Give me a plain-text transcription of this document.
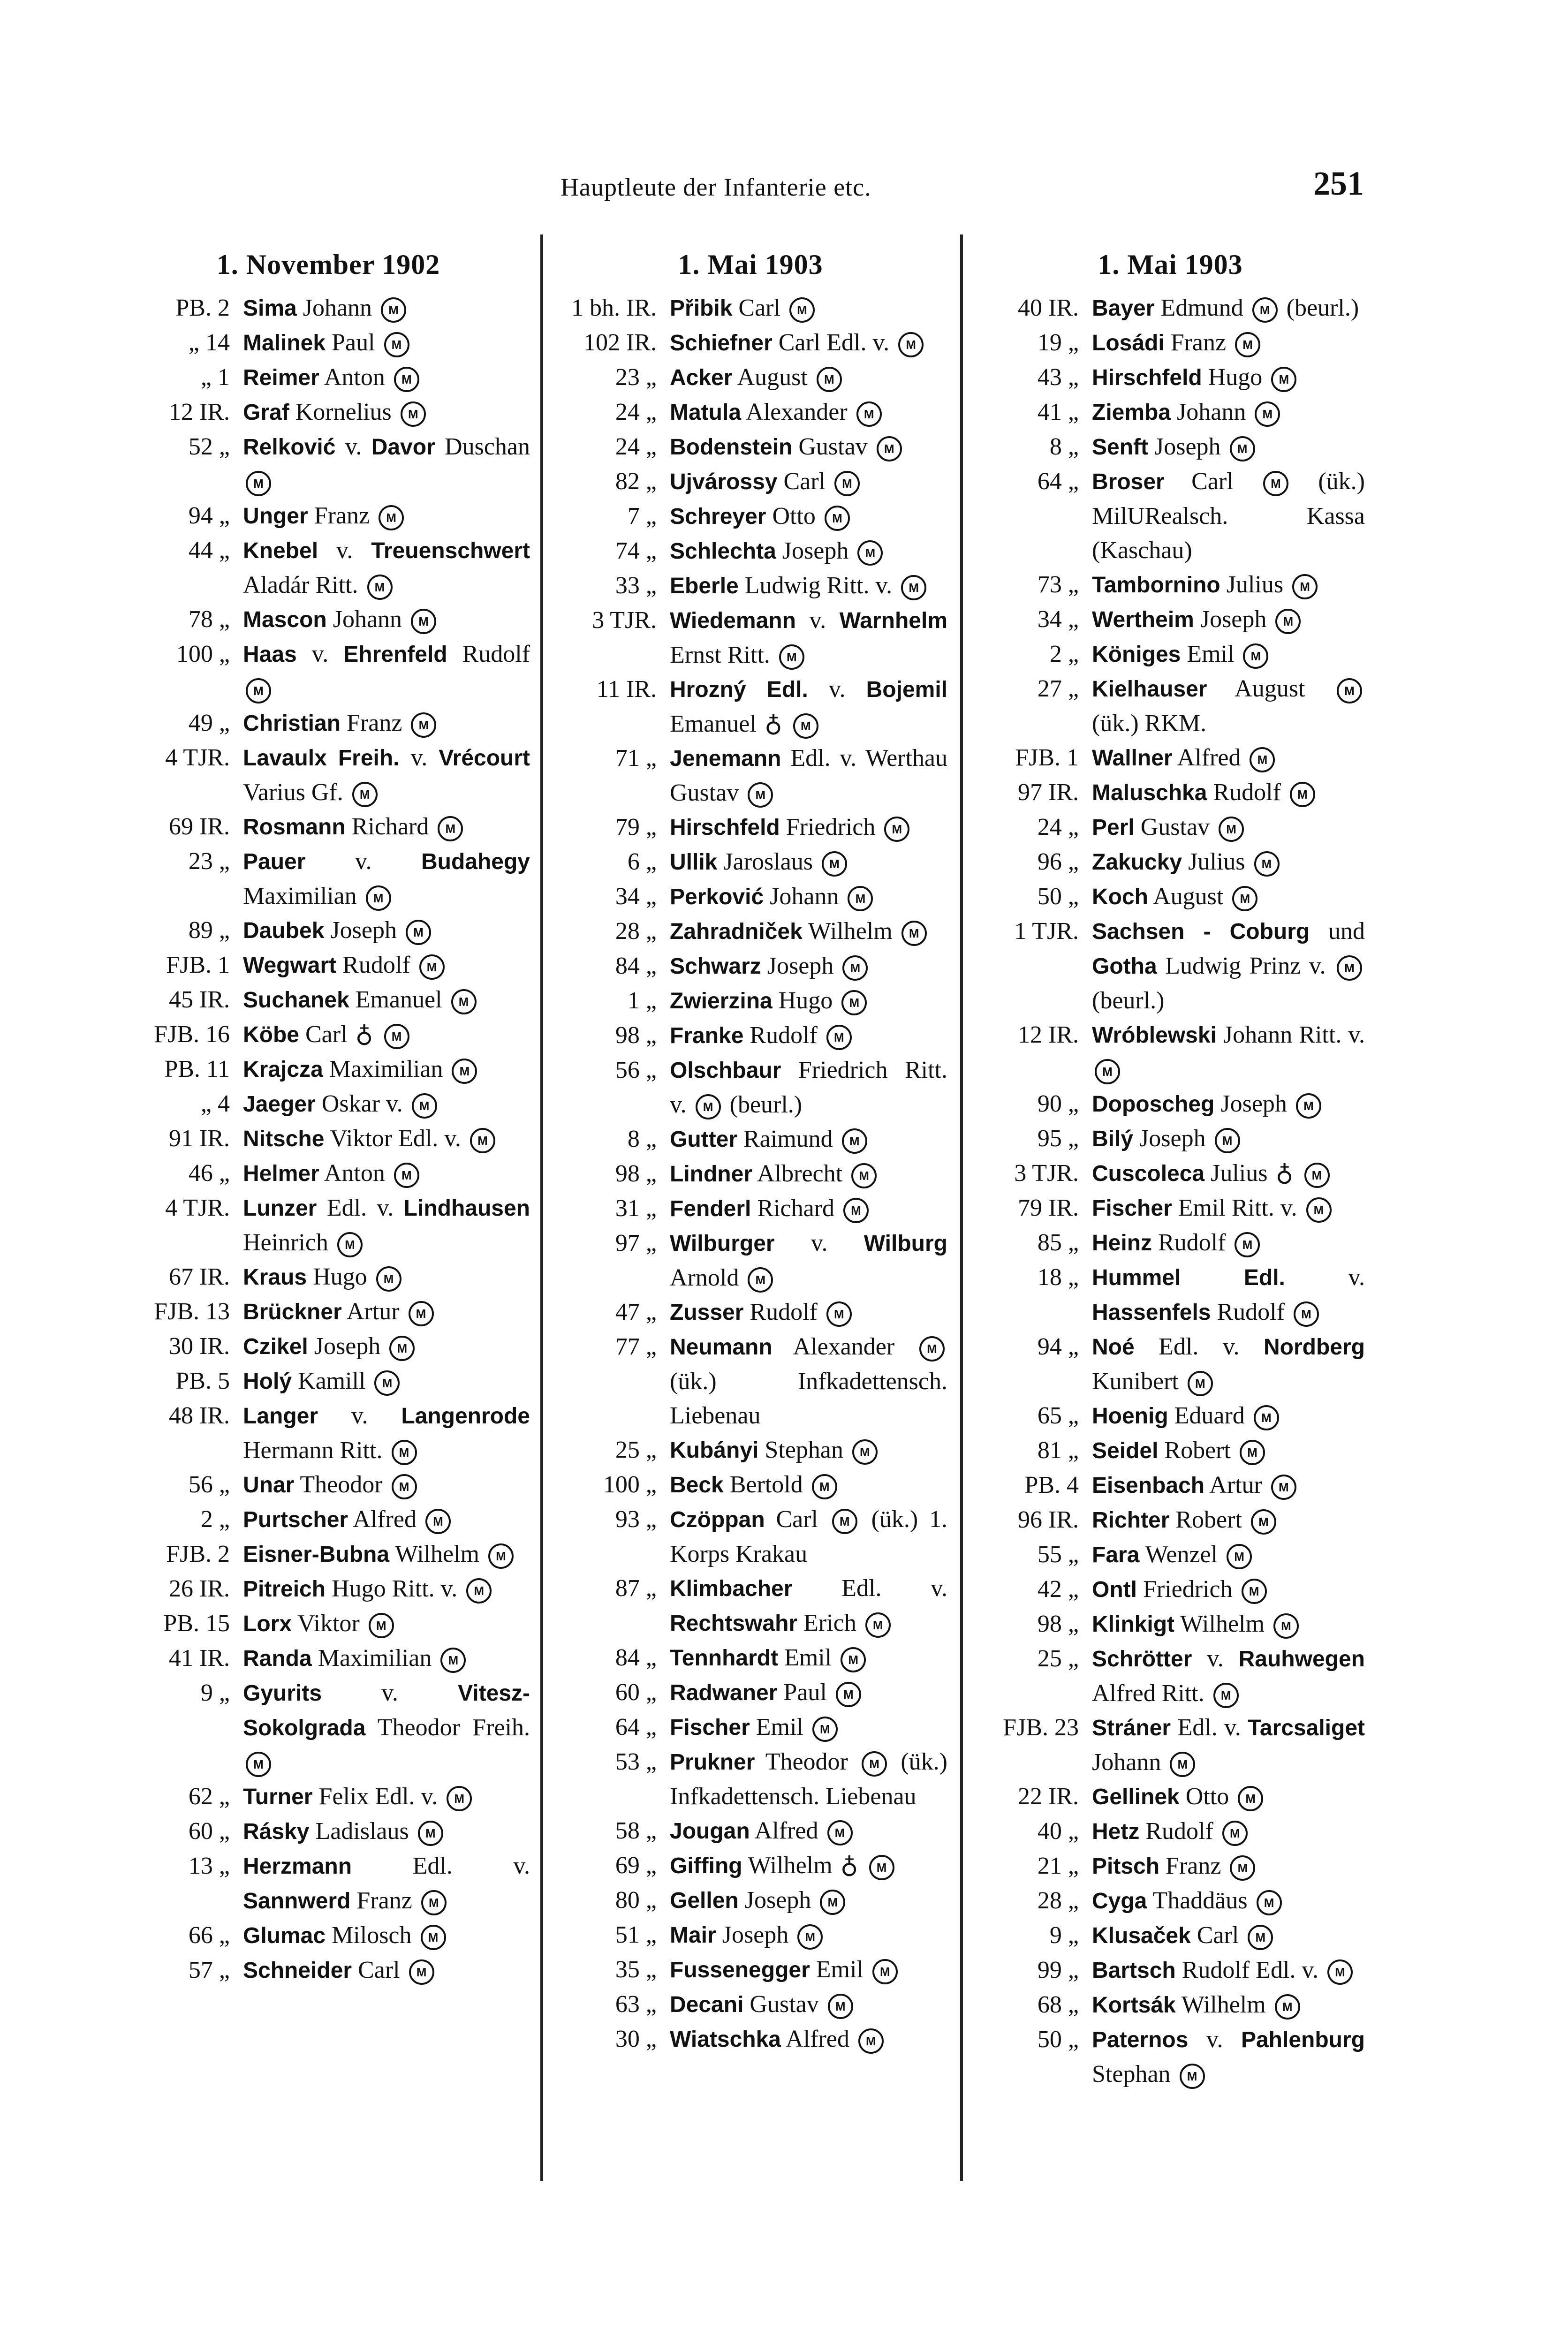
Hauptleute der Infanterie etc.	251
1. November 1902
PB. 2 Sima Johann M
„ 14 Malinek Paul M
„ 1 Reimer Anton M
12 IR. Graf Kornelius M
52 „ Relković v. Davor Duschan M
94 „ Unger Franz M
44 „ Knebel v. Treuenschwert Aladár Ritt. M
78 „ Mascon Johann M
100 „ Haas v. Ehrenfeld Rudolf M
49 „ Christian Franz M
4 TJR. Lavaulx Freih. v. Vrécourt Varius Gf. M
69 IR. Rosmann Richard M
23 „ Pauer v. Budahegy Maximilian M
89 „ Daubek Joseph M
FJB. 1 Wegwart Rudolf M
45 IR. Suchanek Emanuel M
FJB. 16 Köbe Carl ♁ M
PB. 11 Krajcza Maximilian M
„ 4 Jaeger Oskar v. M
91 IR. Nitsche Viktor Edl. v. M
46 „ Helmer Anton M
4 TJR. Lunzer Edl. v. Lindhausen Heinrich M
67 IR. Kraus Hugo M
FJB. 13 Brückner Artur M
30 IR. Czikel Joseph M
PB. 5 Holý Kamill M
48 IR. Langer v. Langenrode Hermann Ritt. M
56 „ Unar Theodor M
2 „ Purtscher Alfred M
FJB. 2 Eisner-Bubna Wilhelm M
26 IR. Pitreich Hugo Ritt. v. M
PB. 15 Lorx Viktor M
41 IR. Randa Maximilian M
9 „ Gyurits v. Vitesz-Sokolgrada Theodor Freih. M
62 „ Turner Felix Edl. v. M
60 „ Rásky Ladislaus M
13 „ Herzmann Edl. v. Sannwerd Franz M
66 „ Glumac Milosch M
57 „ Schneider Carl M
1. Mai 1903
1 bh. IR. Přibik Carl M
102 IR. Schiefner Carl Edl. v. M
23 „ Acker August M
24 „ Matula Alexander M
24 „ Bodenstein Gustav M
82 „ Ujvárossy Carl M
7 „ Schreyer Otto M
74 „ Schlechta Joseph M
33 „ Eberle Ludwig Ritt. v. M
3 TJR. Wiedemann v. Warnhelm Ernst Ritt. M
11 IR. Hrozný Edl. v. Bojemil Emanuel ♁ M
71 „ Jenemann Edl. v. Werthau Gustav M
79 „ Hirschfeld Friedrich M
6 „ Ullik Jaroslaus M
34 „ Perković Johann M
28 „ Zahradniček Wilhelm M
84 „ Schwarz Joseph M
1 „ Zwierzina Hugo M
98 „ Franke Rudolf M
56 „ Olschbaur Friedrich Ritt. v. M (beurl.)
8 „ Gutter Raimund M
98 „ Lindner Albrecht M
31 „ Fenderl Richard M
97 „ Wilburger v. Wilburg Arnold M
47 „ Zusser Rudolf M
77 „ Neumann Alexander M (ük.) Infkadettensch. Liebenau
25 „ Kubányi Stephan M
100 „ Beck Bertold M
93 „ Czöppan Carl M (ük.) 1. Korps Krakau
87 „ Klimbacher Edl. v. Rechtswahr Erich M
84 „ Tennhardt Emil M
60 „ Radwaner Paul M
64 „ Fischer Emil M
53 „ Prukner Theodor M (ük.) Infkadettensch. Liebenau
58 „ Jougan Alfred M
69 „ Giffing Wilhelm ♁ M
80 „ Gellen Joseph M
51 „ Mair Joseph M
35 „ Fussenegger Emil M
63 „ Decani Gustav M
30 „ Wiatschka Alfred M
1. Mai 1903
40 IR. Bayer Edmund M (beurl.)
19 „ Losádi Franz M
43 „ Hirschfeld Hugo M
41 „ Ziemba Johann M
8 „ Senft Joseph M
64 „ Broser Carl M (ük.) MilURealsch. Kassa (Kaschau)
73 „ Tambornino Julius M
34 „ Wertheim Joseph M
2 „ Königes Emil M
27 „ Kielhauser August M (ük.) RKM.
FJB. 1 Wallner Alfred M
97 IR. Maluschka Rudolf M
24 „ Perl Gustav M
96 „ Zakucky Julius M
50 „ Koch August M
1 TJR. Sachsen - Coburg und Gotha Ludwig Prinz v. M (beurl.)
12 IR. Wróblewski Johann Ritt. v. M
90 „ Doposcheg Joseph M
95 „ Bilý Joseph M
3 TJR. Cuscoleca Julius ♁ M
79 IR. Fischer Emil Ritt. v. M
85 „ Heinz Rudolf M
18 „ Hummel	Edl. v. Hassenfels Rudolf M
94 „ Noé Edl. v. Nordberg Kunibert M
65 „ Hoenig Eduard M
81 „ Seidel Robert M
PB. 4 Eisenbach Artur M
96 IR. Richter Robert M
55 „ Fara Wenzel M
42 „ Ontl Friedrich M
98 „ Klinkigt Wilhelm M
25 „ Schrötter v. Rauhwegen Alfred Ritt. M
FJB. 23 Stráner Edl. v. Tarcsaliget Johann M
22 IR. Gellinek Otto M
40 „ Hetz Rudolf M
21 „ Pitsch Franz M
28 „ Cyga Thaddäus M
9 „ Klusaček Carl M
99 „ Bartsch Rudolf Edl. v. M
68 „ Kortsák Wilhelm M
50 „ Paternos v. Pahlenburg Stephan M
